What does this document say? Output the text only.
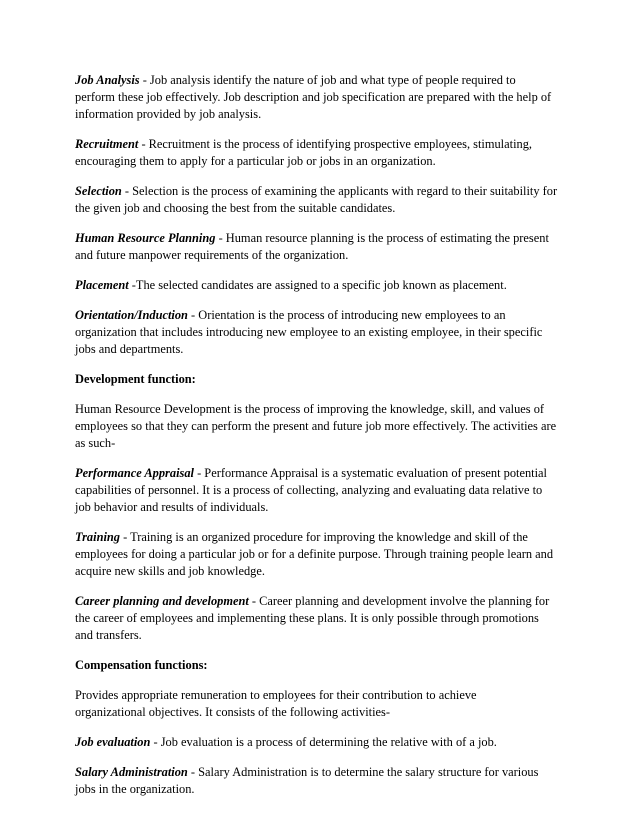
Job Analysis - Job analysis identify the nature of job and what type of people required to
perform these job effectively. Job description and job specification are prepared with the help of
information provided by job analysis.

Recruitment - Recruitment is the process of identifying prospective employees, stimulating,
encouraging them to apply for a particular job or jobs in an organization.

Selection - Selection is the process of examining the applicants with regard to their suitability for
the given job and choosing the best from the suitable candidates.

Human Resource Planning - Human resource planning is the process of estimating the present
and future manpower requirements of the organization.

Placement -The selected candidates are assigned to a specific job known as placement.

Orientation/Induction - Orientation is the process of introducing new employees to an
organization that includes introducing new employee to an existing employee, in their specific
jobs and departments.

Development function:

Human Resource Development is the process of improving the knowledge, skill, and values of
employees so that they can perform the present and future job more effectively. The activities are
as such-

Performance Appraisal - Performance Appraisal is a systematic evaluation of present potential
capabilities of personnel. It is a process of collecting, analyzing and evaluating data relative to
job behavior and results of individuals.

Training - Training is an organized procedure for improving the knowledge and skill of the
employees for doing a particular job or for a definite purpose. Through training people learn and
acquire new skills and job knowledge.

Career planning and development - Career planning and development involve the planning for
the career of employees and implementing these plans. It is only possible through promotions
and transfers.

Compensation functions:

Provides appropriate remuneration to employees for their contribution to achieve
organizational objectives. It consists of the following activities-

Job evaluation - Job evaluation is a process of determining the relative with of a job.

Salary Administration - Salary Administration is to determine the salary structure for various
jobs in the organization.
